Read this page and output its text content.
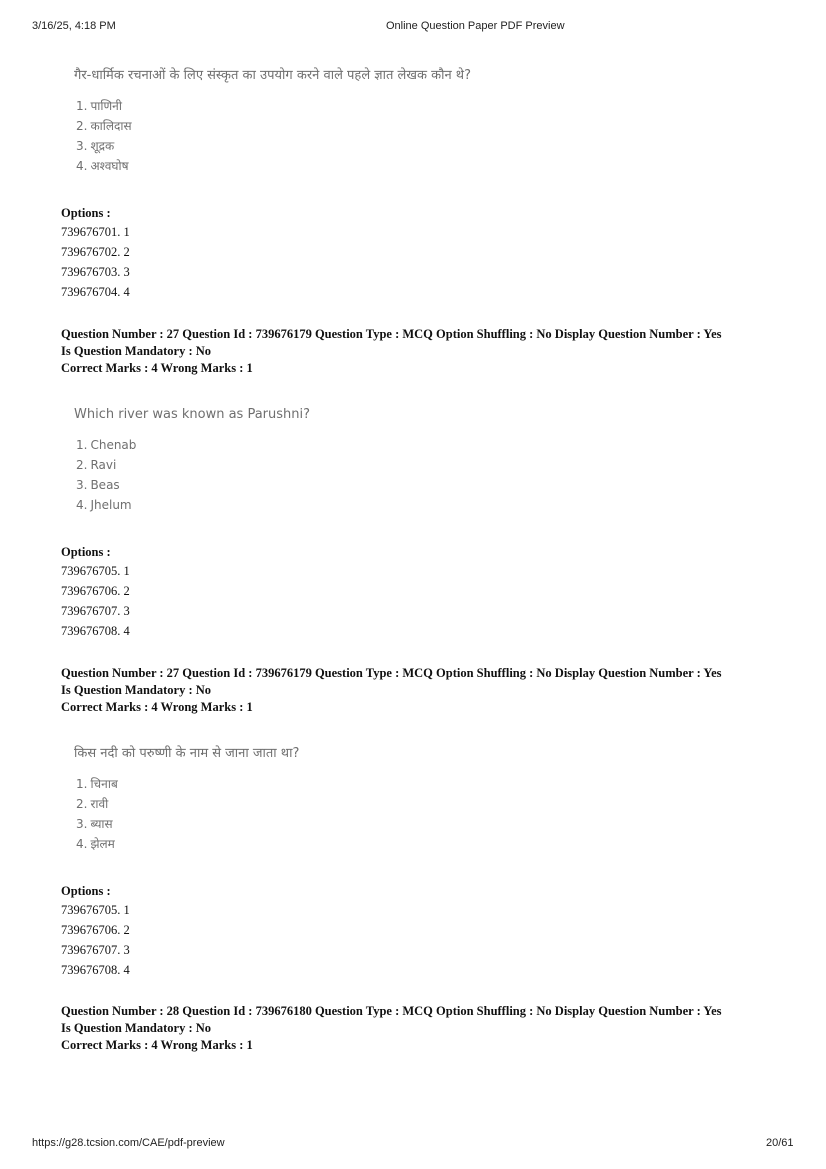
3/16/25, 4:18 PM	Online Question Paper PDF Preview
गैर-धार्मिक रचनाओं के लिए संस्कृत का उपयोग करने वाले पहले ज्ञात लेखक कौन थे?
1. पाणिनी
2. कालिदास
3. शूद्रक
4. अश्वघोष
Options :
739676701. 1
739676702. 2
739676703. 3
739676704. 4
Question Number : 27 Question Id : 739676179 Question Type : MCQ Option Shuffling : No Display Question Number : Yes
Is Question Mandatory : No
Correct Marks : 4 Wrong Marks : 1
Which river was known as Parushni?
1. Chenab
2. Ravi
3. Beas
4. Jhelum
Options :
739676705. 1
739676706. 2
739676707. 3
739676708. 4
Question Number : 27 Question Id : 739676179 Question Type : MCQ Option Shuffling : No Display Question Number : Yes
Is Question Mandatory : No
Correct Marks : 4 Wrong Marks : 1
किस नदी को परुष्णी के नाम से जाना जाता था?
1. चिनाब
2. रावी
3. ब्यास
4. झेलम
Options :
739676705. 1
739676706. 2
739676707. 3
739676708. 4
Question Number : 28 Question Id : 739676180 Question Type : MCQ Option Shuffling : No Display Question Number : Yes
Is Question Mandatory : No
Correct Marks : 4 Wrong Marks : 1
https://g28.tcsion.com/CAE/pdf-preview	20/61
